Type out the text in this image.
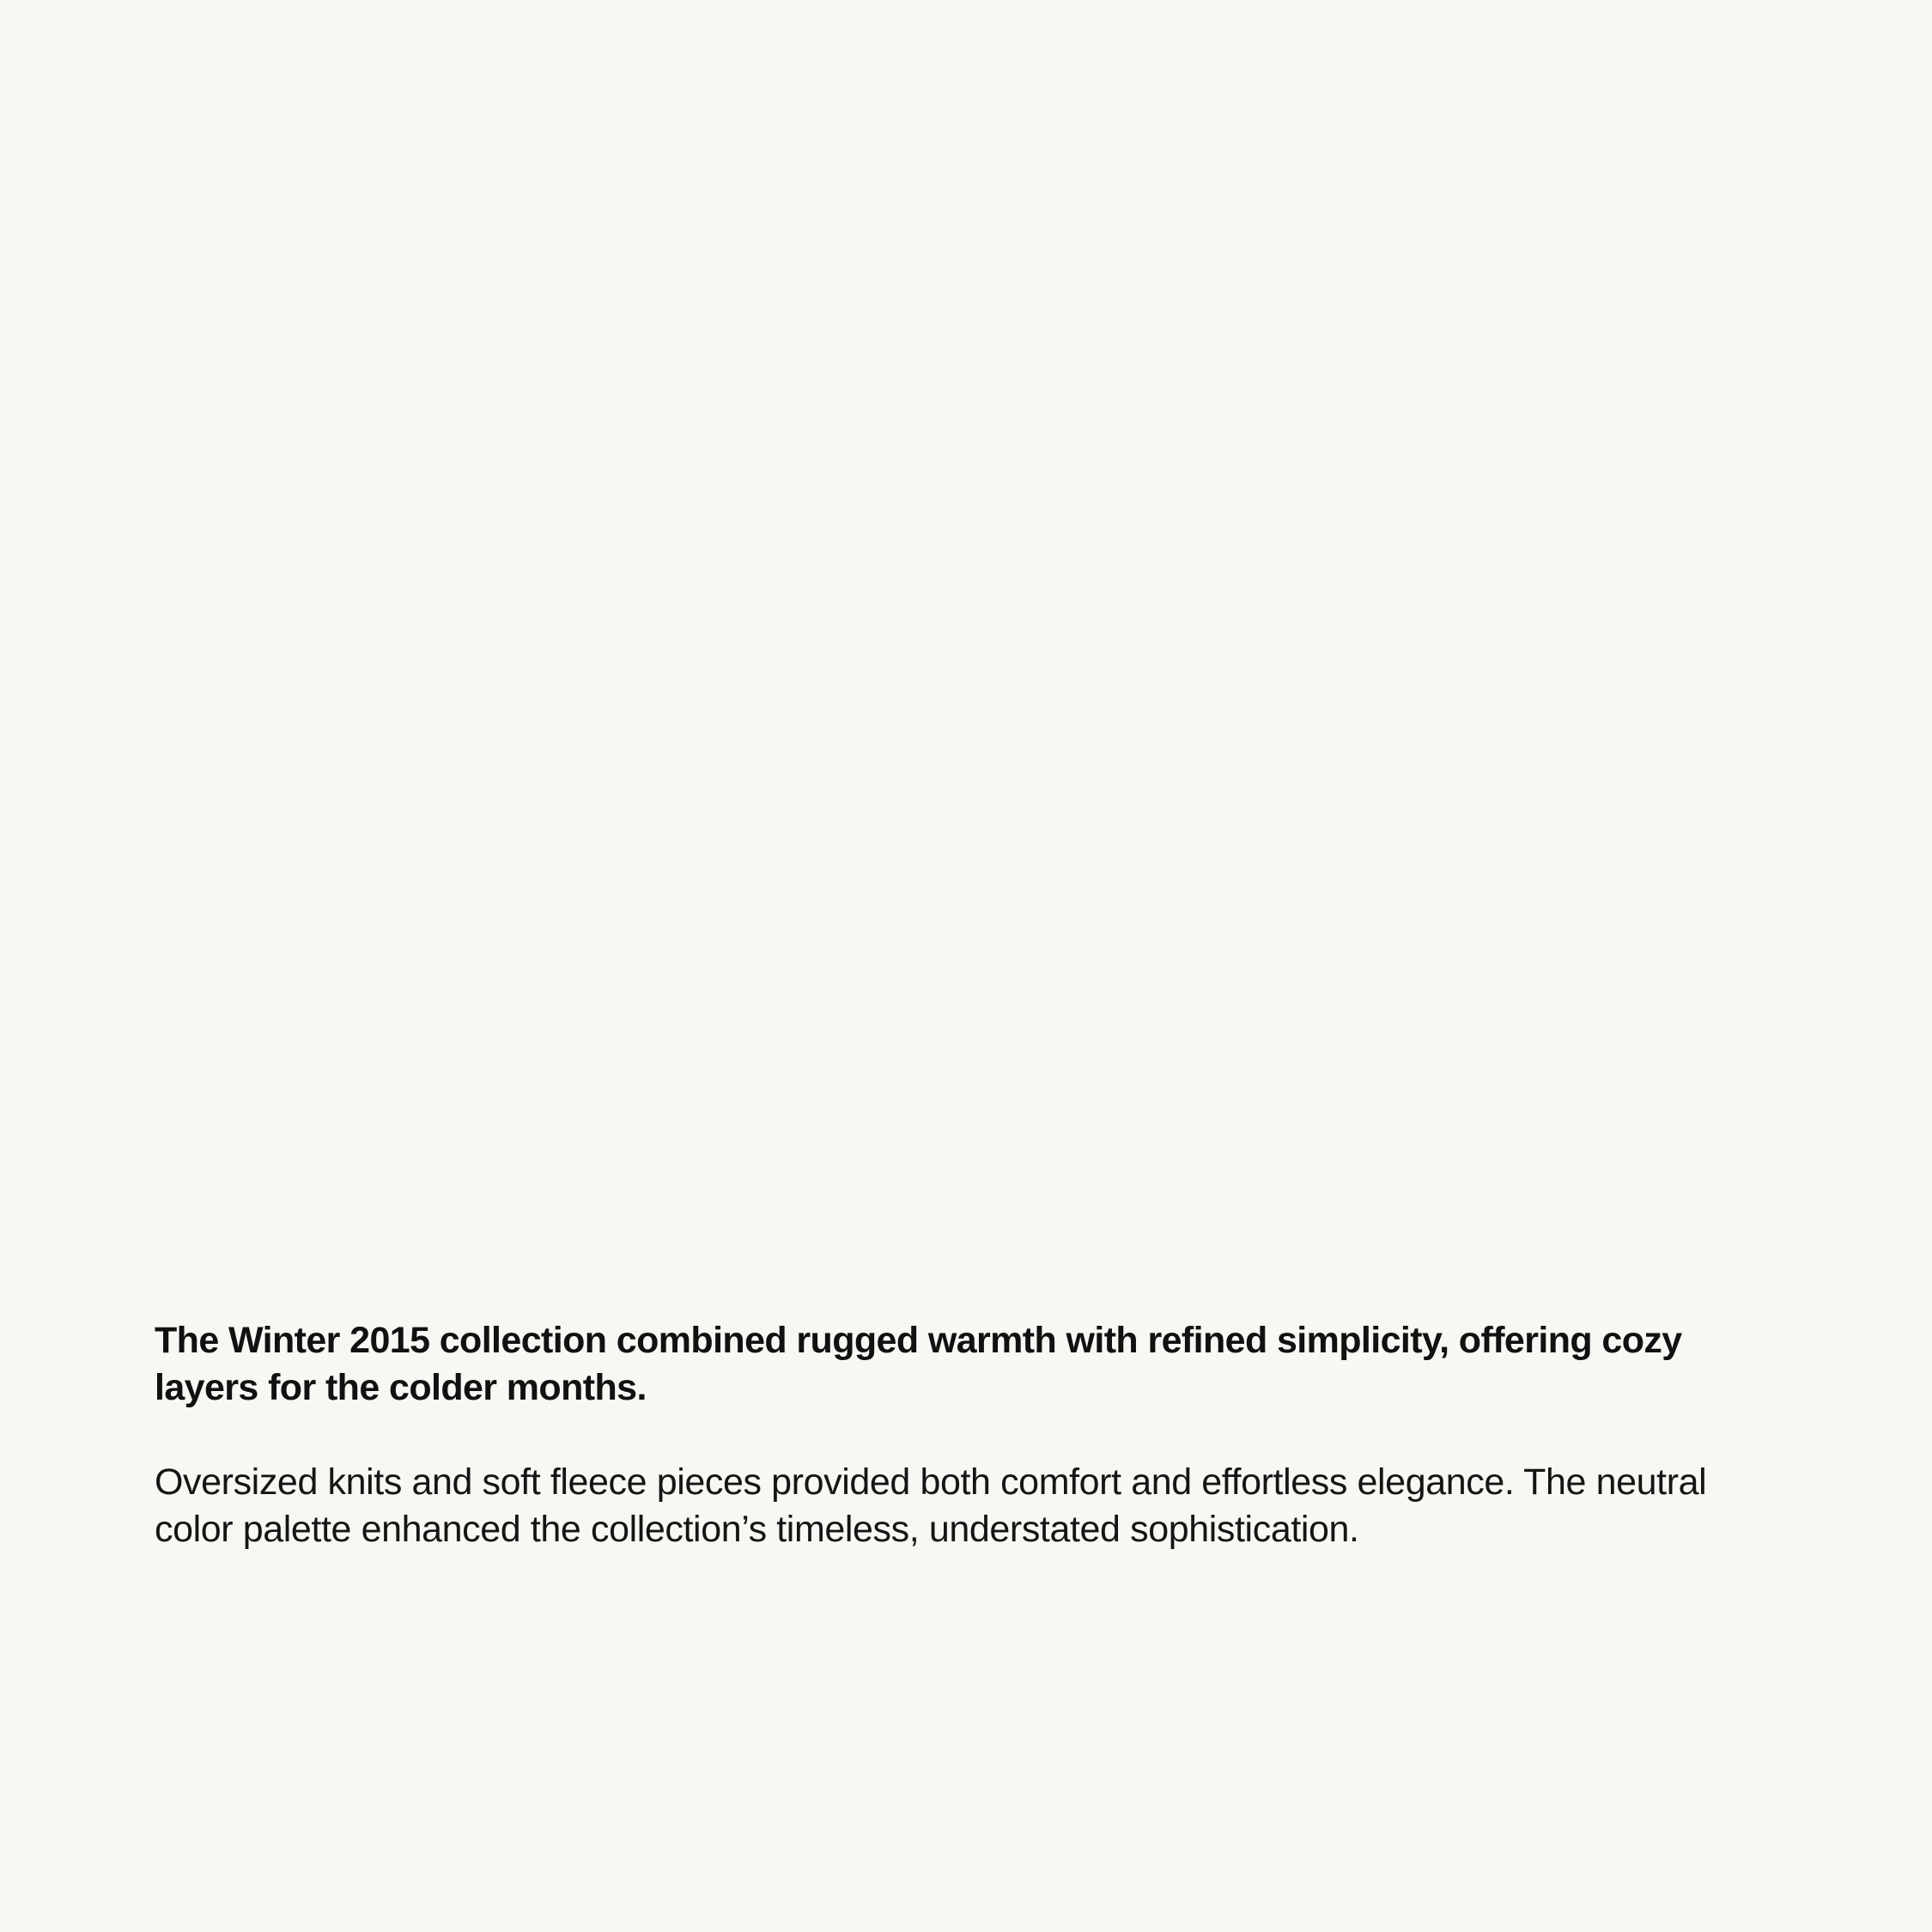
The Winter 2015 collection combined rugged warmth with refined simplicity, offering cozy layers for the colder months.

Oversized knits and soft fleece pieces provided both comfort and effortless elegance. The neutral color palette enhanced the collection’s timeless, understated sophistication.
